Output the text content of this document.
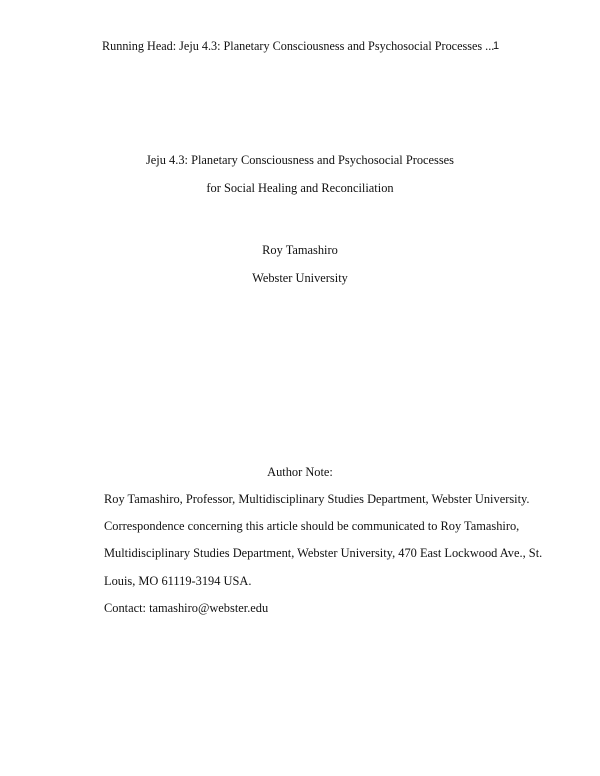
Running Head: Jeju 4.3: Planetary Consciousness and Psychosocial Processes ...
1
Jeju 4.3: Planetary Consciousness and Psychosocial Processes
for Social Healing and Reconciliation
Roy Tamashiro
Webster University
Author Note:
Roy Tamashiro, Professor, Multidisciplinary Studies Department, Webster University.
Correspondence concerning this article should be communicated to Roy Tamashiro,
Multidisciplinary Studies Department, Webster University, 470 East Lockwood Ave., St.
Louis, MO 61119-3194 USA.
Contact: tamashiro@webster.edu
